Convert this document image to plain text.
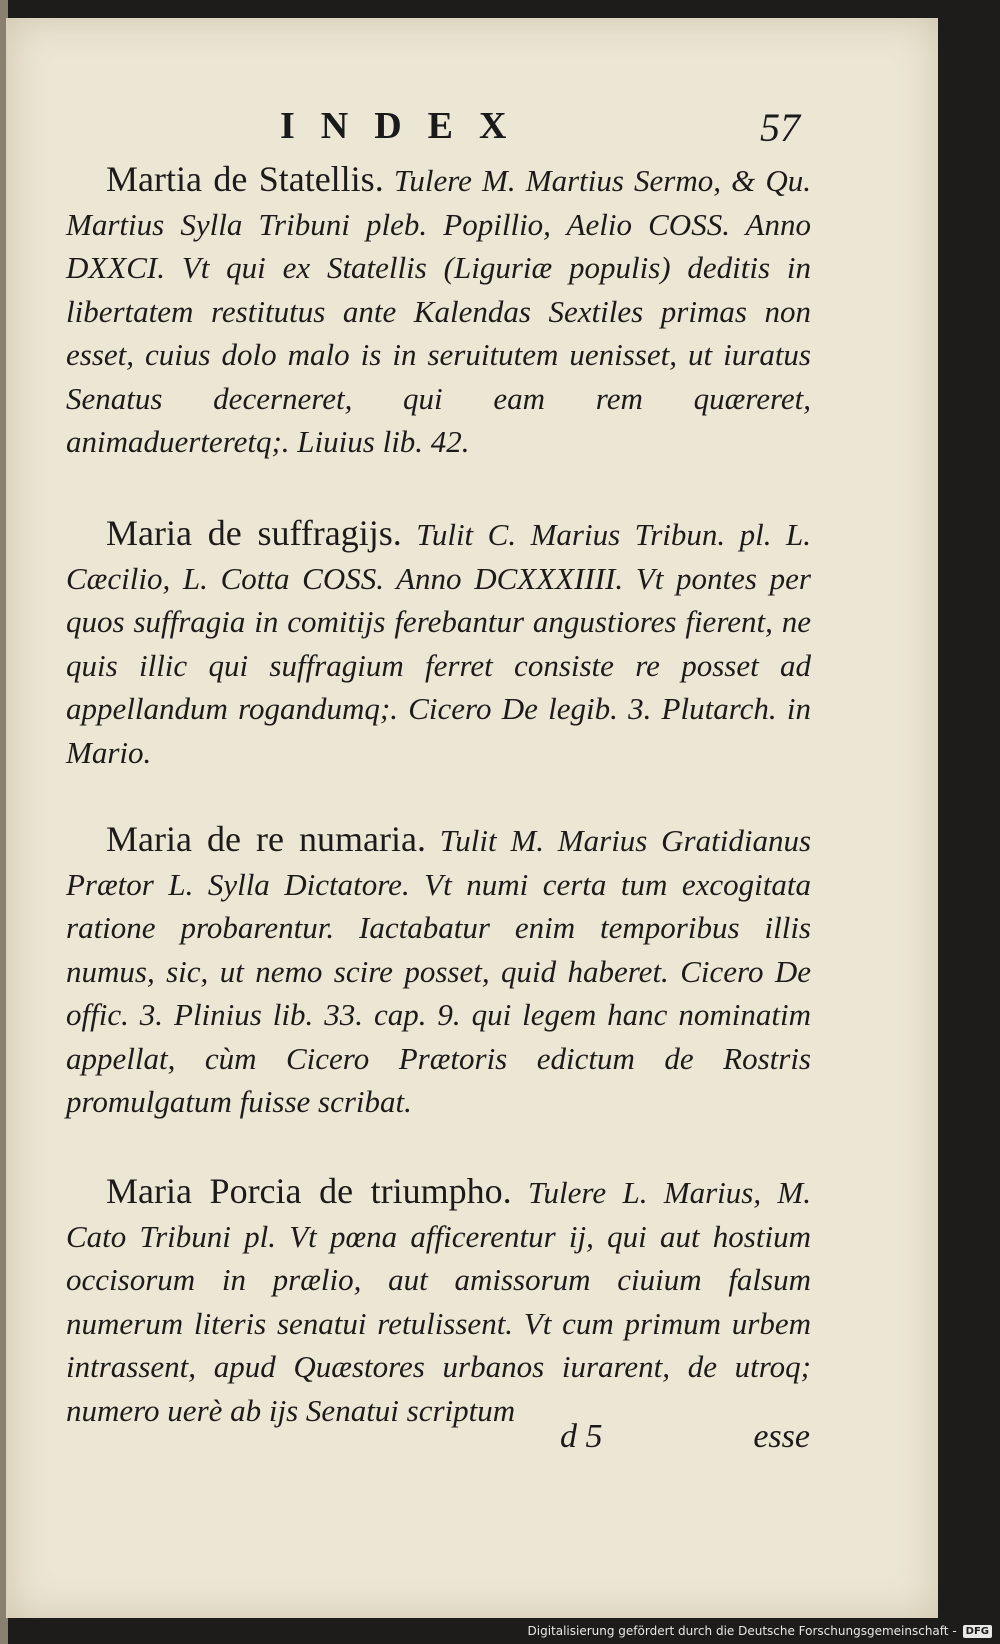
INDEX	57
Martia de Statellis. Tulere M. Martius Sermo, & Qu. Martius Sylla Tribuni pleb. Popillio, Aelio COSS. Anno DXXCI. Vt qui ex Statellis (Liguriæ populis) deditis in libertatem restitutus ante Kalendas Sextiles primas non esset, cuius dolo malo is in seruitutem uenisset, ut iuratus Senatus decerneret, qui eam rem quæreret, animaduerteretq;. Liuius lib. 42.
Maria de suffragijs. Tulit C. Marius Tribun. pl. L. Cæcilio, L. Cotta COSS. Anno DCXXXIIII. Vt pontes per quos suffragia in comitijs ferebantur angustiores fierent, ne quis illic qui suffragium ferret consiste re posset ad appellandum rogandumq;. Cicero De legib. 3. Plutarch. in Mario.
Maria de re numaria. Tulit M. Marius Gratidianus Prætor L. Sylla Dictatore. Vt numi certa tum excogitata ratione probarentur. Iactabatur enim temporibus illis numus, sic, ut nemo scire posset, quid haberet. Cicero De offic. 3. Plinius lib. 33. cap. 9. qui legem hanc nominatim appellat, cùm Cicero Prætoris edictum de Rostris promulgatum fuisse scribat.
Maria Porcia de triumpho. Tulere L. Marius, M. Cato Tribuni pl. Vt pœna afficerentur ij, qui aut hostium occisorum in prælio, aut amissorum ciuium falsum numerum literis senatui retulissent. Vt cum primum urbem intrassent, apud Quæstores urbanos iurarent, de utroq; numero uerè ab ijs Senatui scriptum
d 5	esse
Digitalisierung gefördert durch die Deutsche Forschungsgemeinschaft - DFG
